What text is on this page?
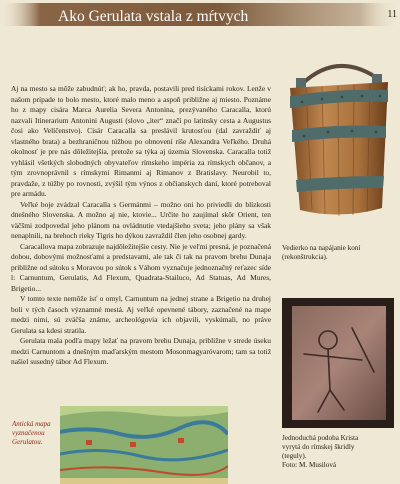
Ako Gerulata vstala z mŕtvych	11

Aj na mesto sa môže zabudnúť; ak ho, pravda, postavili pred tisíckami rokov. Lenže v našom prípade to bolo mesto, ktoré malo meno a aspoň približne aj miesto. Poznáme ho z mapy cisára Marca Aurelia Severa Antonina, prezývaného Caracalla, ktorú nazvali Itinerarium Antonini Augusti (slovo „iter“ značí po latinsky cesta a Augustus čosi ako Velíčenstvo). Cisár Caracalla sa preslávil krutosťou (dal zavraždiť aj vlastného brata) a bezhraničnou túžbou po obnovení ríše Alexandra Veľkého. Druhá okolnosť je pre nás dôležitejšia, pretože sa týka aj územia Slovenska. Caracalla totiž vyhlásil všetkých slobodných obyvateľov rímskeho impéria za rímskych občanov, a tým zrovnoprávnil s rímskymi Rimanmi aj Rimanov z Bratislavy. Neurobil to, pravdaže, z túžby po rovnosti, zvýšil tým výnos z občianskych daní, ktoré potreboval pre armádu.

Veľké boje zvádzal Caracalla s Germánmi – možno oni ho priviedli do blízkosti dnešného Slovenska. A možno aj nie, ktovie... Určite ho zaujímal skôr Orient, ten väčšmi zodpovedal jeho plánom na ovládnutie vtedajšieho sveta; jeho plány sa však nenaplnili, na brehoch rieky Tigris ho dýkou zavraždil člen jeho osobnej gardy.

Caracallova mapa zobrazuje najdôležitejšie cesty. Nie je veľmi presná, je poznačená dobou, dobovými možnosťami a predstavami, ale tak či tak na pravom brehu Dunaja približne od sútoku s Moravou po sútok s Váhom vyznačuje jednoznačný reťazec síde l: Carnuntum, Gerulatis, Ad Flexum, Quadrata-Stailuco, Ad Statuas, Ad Mures, Brigetio...

V tomto texte nemôže ísť o omyl, Carnuntum na jednej strane a Brigetio na druhej boli v tých časoch významné mestá. Aj veľké opevnené tábory, zaznačené na mape medzi nimi, sú zväčša známe, archeológovia ich objavili, vyskúmali, no práve Gerulata sa kdesi stratila.

Gerulata mala podľa mapy ležať na pravom brehu Dunaja, približne v strede úseku medzi Carnuntom a dnešným maďarským mestom Mosonmagyaróvarom; tam sa totiž našiel susedný tábor Ad Flexum.

Vedierko na napájanie koní (rekonštrukcia).
Jednoduchá podoba Krista
vyrytá do rímskej škridly
(teguly).
Foto: M. Musilová
Antická mapa vyznačenou Gerulatou.
